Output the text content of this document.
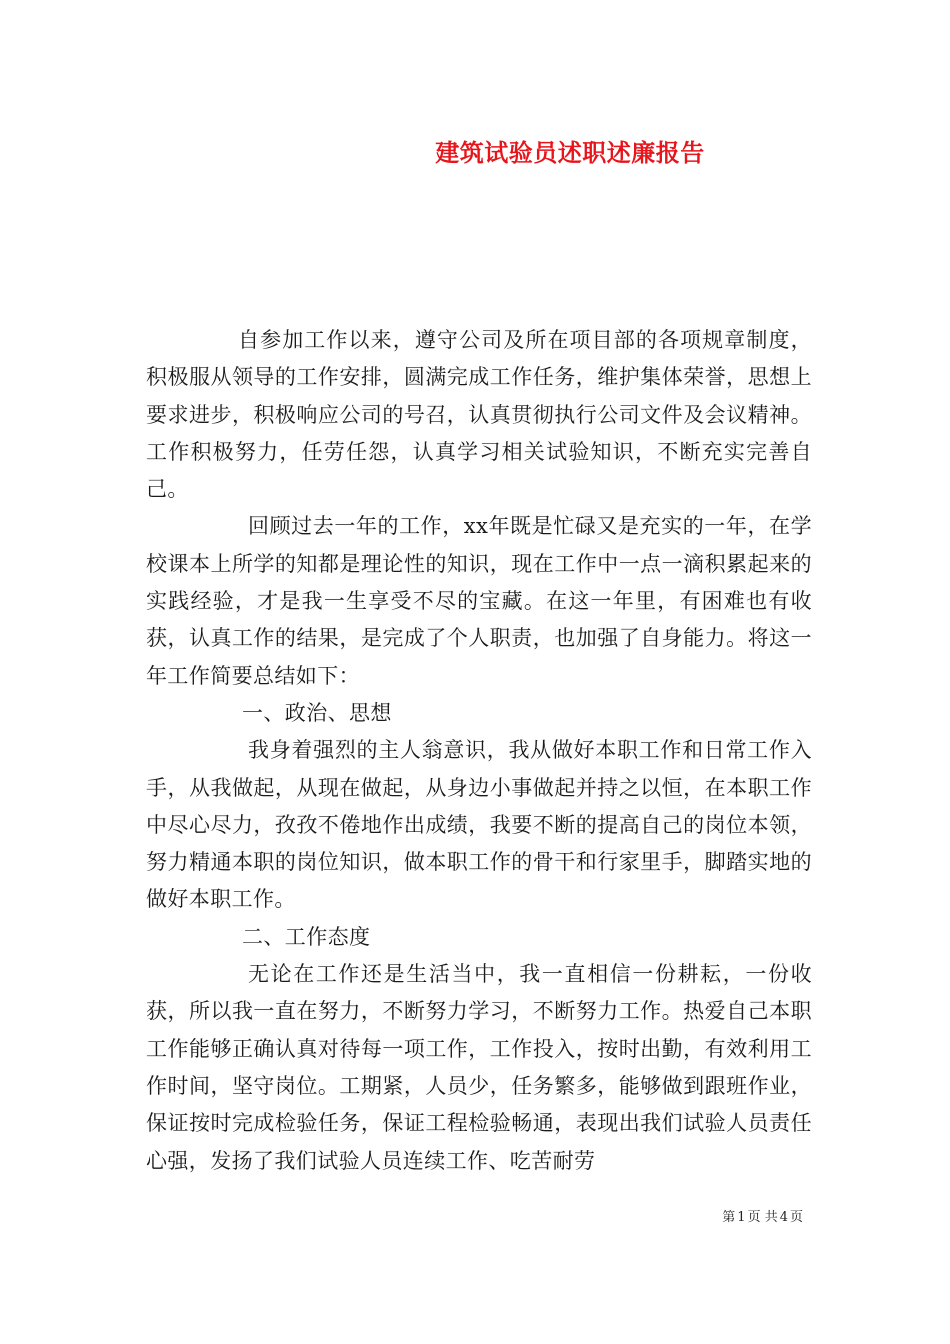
建筑试验员述职述廉报告

自参加工作以来，遵守公司及所在项目部的各项规章制度，积极服从领导的工作安排，圆满完成工作任务，维护集体荣誉，思想上要求进步，积极响应公司的号召，认真贯彻执行公司文件及会议精神。工作积极努力，任劳任怨，认真学习相关试验知识，不断充实完善自己。

回顾过去一年的工作，xx年既是忙碌又是充实的一年，在学校课本上所学的知都是理论性的知识，现在工作中一点一滴积累起来的实践经验，才是我一生享受不尽的宝藏。在这一年里，有困难也有收获，认真工作的结果，是完成了个人职责，也加强了自身能力。将这一年工作简要总结如下：

一、政治、思想

我身着强烈的主人翁意识，我从做好本职工作和日常工作入手，从我做起，从现在做起，从身边小事做起并持之以恒，在本职工作中尽心尽力，孜孜不倦地作出成绩，我要不断的提高自己的岗位本领，努力精通本职的岗位知识，做本职工作的骨干和行家里手，脚踏实地的做好本职工作。

二、工作态度

无论在工作还是生活当中，我一直相信一份耕耘，一份收获，所以我一直在努力，不断努力学习，不断努力工作。热爱自己本职工作能够正确认真对待每一项工作，工作投入，按时出勤，有效利用工作时间，坚守岗位。工期紧，人员少，任务繁多，能够做到跟班作业，保证按时完成检验任务，保证工程检验畅通，表现出我们试验人员责任心强，发扬了我们试验人员连续工作、吃苦耐劳

第 1 页 共 4 页
